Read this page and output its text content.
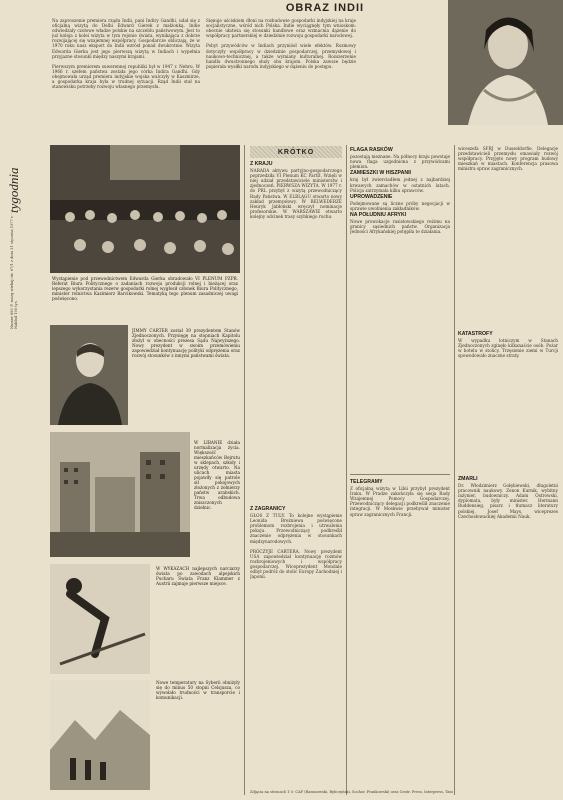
OBRAZ INDII
Na zaproszenie premiera rządu Indii, pani Indiry Gandhi, udał się z oficjalną wizytą do Delhi Edward Gierek z małżonką. Indie odwiedzały czołowe władze polskie na szczeblu państwowym. Jest to już koleja z kolei wizyta w tym rejonie świata, wynikająca z dobrze rozwijającej się wzajemnej współpracy. Gospodarcze obliczają, że w 1970 roku nasz eksport do Indii wzrósł ponad dwukrotnie. Wizyta Edwarda Gierka jest jego pierwszą wizytą w Indiach i wypełnia przyjazne stosunki między naszymi krajami.

Pierwszym premierem suwerennej republiki był w 1947 r. Nehru. W 1966 r. szefem państwa została jego córka Indira Gandhi. Gdy obejmowała urząd premiera indyjskie wojska walczyły w Kaszmirze, a gospodarka kraju była w trudnej sytuacji. Rząd Indii stał na stanowisku potrzeby rozwoju własnego przemysłu.
Sięnuje uściskiem dłoni na rozbudowie gospodarki indyjskiej na kraje socjalistyczne, wśród nich Polska. Indie wyciągnęły tym wnioskom: obecnie ułatwia się stosunki handlowe oraz wzmacnia dążenie do współpracy partnerskiej w dziedzinie rozwoju gospodarki narodowej.

Pobyt przywódców w Indiach przyniósł wiele efektów. Rozmowy dotyczyły współpracy w dziedzinie gospodarczej, przemysłowej i naukowo-technicznej, a także wymiany kulturalnej. Rozszerzenie handlu dwustronnego służy obu krajom. Polska zawsze będzie popierała wysiłki narodu indyjskiego w dążeniu do postępu.
tygodnia
Numer 899 © mozg wiekuj otr. 67/1 z dnia 31 stycznia 1977 r. - Nakład 190 tys.
Wystąpienie pod przewodnictwem Edwarda Gierka obradowało VI PLENUM PZPR. Referat Biura Politycznego o zadaniach rozwoju produkcji rolnej i bieżącej oraz lepszego wykorzystania rezerw gospodarki rolnej wygłosił członek Biura Politycznego, minister rolnictwa Kazimierz Barcikowski. Tematyką tego plenum zasadniczej uwagi poświęcono.
JIMMY CARTER został 39 prezydentem Stanów Zjednoczonych. Przysięgę na stopniach Kapitolu złożył w obecności prezesa Sądu Najwyższego. Nowy prezydent w swoim przemówieniu zapowiedział kontynuację polityki odprężenia oraz rozwój stosunków z innymi państwami świata.
W LIBANIE działa normalizacja życia. Większość mieszkańców Bejrutu w sklepach, szkoły i urzędy otwarto. Na ulicach miasta pojawiły się patrole sił pokojowych złożonych z żołnierzy państw arabskich. Trwa odbudowa zniszczonych dzielnic.
W WYKAZACH najlepszych narciarzy świata po zawodach alpejskich Pucharu Świata Franz Klammer z Austrii zajmuje pierwsze miejsce.
Nowe temperatury na Syberii obniżyły się do minus 50 stopni Celsjusza, co wywołało trudności w transporcie i komunikacji.
KRÓTKO
Z KRAJU
NARADA aktywu partyjno-gospodarczego poprzedziła VI Plenum KC PartII. Wzięli w niej udział przedstawiciele ministerstw i zjednoczeń. PIERWSZA WIZYTA. W 1977 r. do PRL przybył z wizytą przewodniczący Rady Państwa. W ELBLĄGU otwarto nowy zakład przemysłowy. W BELWEDERZE Henryk Jabłoński wręczył nominacje profesorskie. W WARSZAWIE otwarto kolejny odcinek trasy szybkiego ruchu.
Z ZAGRANICY
GŁOS Z TULY. To kolejne wystąpienie Leonida Breżniewa poświęcone problemom rozbrojenia i utrwalenia pokoju. Przewodniczący podkreślił znaczenie odprężenia w stosunkach międzynarodowych.

PRÓCZYJE CARTERA. Nowy prezydent USA zapowiedział kontynuację rozmów rozbrojeniowych i współpracy gospodarczej. Wiceprezydent Mondale odbył podróż do stolic Europy Zachodniej i Japonii.
FLAGA RASKÓW
pozostają nieznane. Na północy kraju powstaje nowa flaga uzgodniona z przywódcami plemion.
ZAMIESZKI W HISZPANII
kraj był zwierciadłem jednej z najbardziej krwawych zamachów w ostatnich latach. Policja zatrzymała kilku sprawców.
UPROWADZENIE
Podejmowane są liczne próby negocjacji w sprawie uwolnienia zakładników.
NA POŁUDNIU AFRYKI
Nowe prowokacje rasistowskiego reżimu na granicy sąsiednich państw. Organizacja Jedności Afrykańskiej potępiła te działania.
TELEGRAMY
Z oficjalną wizytą w Libii przybył prezydent Iraku. W Pradze zakończyła się sesja Rady Wzajemnej Pomocy Gospodarczej. Przewodniczący delegacji podkreślił znaczenie integracji. W Moskwie przebywał minister spraw zagranicznych Francji.
wiceszefa SFRJ w Dusseldorfie. Delegacje przedstawicieli przemysłu omawiały rozwój współpracy. Przyjęto nowy program budowy mieszkań w miastach. Konferencja prasowa ministra spraw zagranicznych.
KATASTROFY
W wypadku lotniczym w Stanach Zjednoczonych zginęło kilkanaście osób. Pożar w hotelu w stolicy. Trzęsienie ziemi w Turcji spowodowało znaczne straty.
ZMARLI
Dr. Włodzimierz Gołębiewski, długoletni pracownik naukowy. Zenon Kurnik, wybitny inżynier, budowniczy. Adam Ostrowski, dyplomata, były minister. Hermann Buddensieg, pisarz i tłumacz literatury polskiej. Josef Mays, wiceprezes Czechosłowackiej Akademii Nauk.
Zdjęcia na stronach 1-3: CAF (Baranowski, Rybczyński, Sochor, Frankowski) oraz Centr. Press, Interpress, Tass
